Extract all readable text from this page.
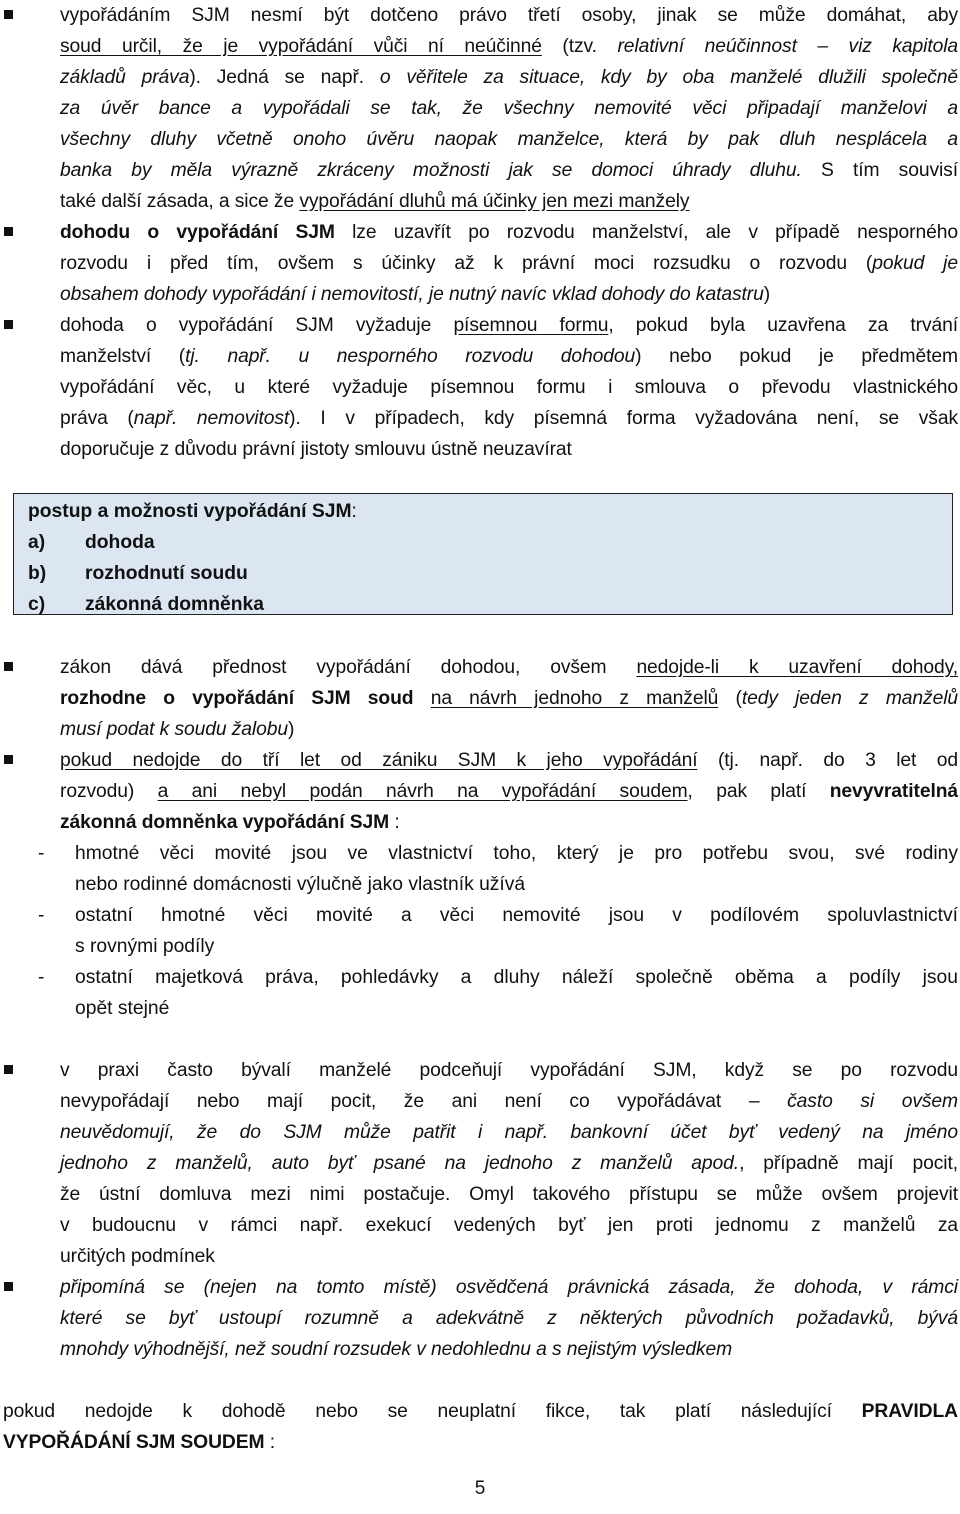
vypořádáním SJM nesmí být dotčeno právo třetí osoby, jinak se může domáhat, aby
soud určil, že je vypořádání vůči ní neúčinné (tzv. relativní neúčinnost – viz kapitola
základů práva). Jedná se např. o věřitele za situace, kdy by oba manželé dlužili společně
za úvěr bance a vypořádali se tak, že všechny nemovité věci připadají manželovi a
všechny dluhy včetně onoho úvěru naopak manželce, která by pak dluh nesplácela a
banka by měla výrazně zkráceny možnosti jak se domoci úhrady dluhu. S tím souvisí
také další zásada, a sice že vypořádání dluhů má účinky jen mezi manžely
dohodu o vypořádání SJM lze uzavřít po rozvodu manželství, ale v případě nesporného
rozvodu i před tím, ovšem s účinky až k právní moci rozsudku o rozvodu (pokud je
obsahem dohody vypořádání i nemovitostí, je nutný navíc vklad dohody do katastru)
dohoda o vypořádání SJM vyžaduje písemnou formu, pokud byla uzavřena za trvání
manželství (tj. např. u nesporného rozvodu dohodou) nebo pokud je předmětem
vypořádání věc, u které vyžaduje písemnou formu i smlouva o převodu vlastnického
práva (např. nemovitost). I v případech, kdy písemná forma vyžadována není, se však
doporučuje z důvodu právní jistoty smlouvu ústně neuzavírat
postup a možnosti vypořádání SJM:
a)	dohoda
b)	rozhodnutí soudu
c)	zákonná domněnka
zákon dává přednost vypořádání dohodou, ovšem nedojde-li k uzavření dohody,
rozhodne o vypořádání SJM soud na návrh jednoho z manželů (tedy jeden z manželů
musí podat k soudu žalobu)
pokud nedojde do tří let od zániku SJM k jeho vypořádání (tj. např. do 3 let od
rozvodu) a ani nebyl podán návrh na vypořádání soudem, pak platí nevyvratitelná
zákonná domněnka vypořádání SJM :
- hmotné věci movité jsou ve vlastnictví toho, který je pro potřebu svou, své rodiny
nebo rodinné domácnosti výlučně jako vlastník užívá
- ostatní hmotné věci movité a věci nemovité jsou v podílovém spoluvlastnictví
s rovnými podíly
- ostatní majetková práva, pohledávky a dluhy náleží společně oběma a podíly jsou
opět stejné
v praxi často bývalí manželé podceňují vypořádání SJM, když se po rozvodu
nevypořádají nebo mají pocit, že ani není co vypořádávat – často si ovšem
neuvědomují, že do SJM může patřit i např. bankovní účet byť vedený na jméno
jednoho z manželů, auto byť psané na jednoho z manželů apod., případně mají pocit,
že ústní domluva mezi nimi postačuje. Omyl takového přístupu se může ovšem projevit
v budoucnu v rámci např. exekucí vedených byť jen proti jednomu z manželů za
určitých podmínek
připomíná se (nejen na tomto místě) osvědčená právnická zásada, že dohoda, v rámci
které se byť ustoupí rozumně a adekvátně z některých původních požadavků, bývá
mnohdy výhodnější, než soudní rozsudek v nedohlednu a s nejistým výsledkem
pokud nedojde k dohodě nebo se neuplatní fikce, tak platí následující PRAVIDLA
VYPOŘÁDÁNÍ SJM SOUDEM :
5
